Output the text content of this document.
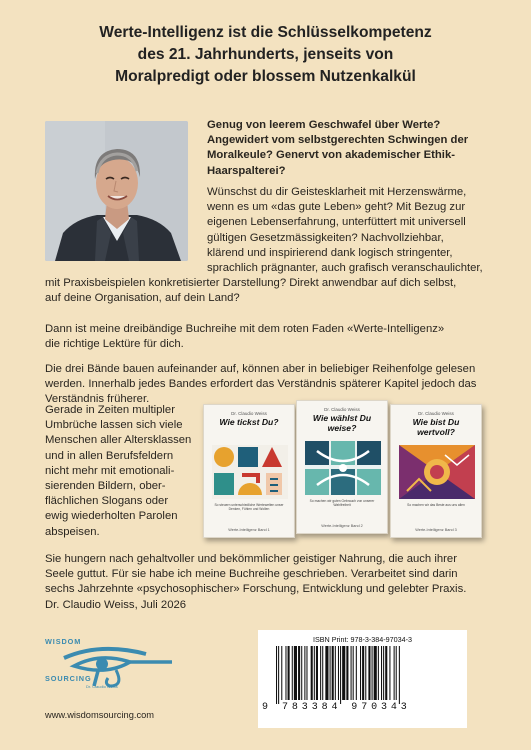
Werte-Intelligenz ist die Schlüsselkompetenz
des 21. Jahrhunderts, jenseits von
Moralpredigt oder blossem Nutzenkalkül
Genug von leerem Geschwafel über Werte?
Angewidert vom selbstgerechten Schwingen der
Moralkeule? Genervt von akademischer Ethik-
Haarspalterei?
Wünschst du dir Geistesklarheit mit Herzenswärme,
wenn es um «das gute Leben» geht? Mit Bezug zur
eigenen Lebenserfahrung, unterfüttert mit universell
gültigen Gesetzmässigkeiten? Nachvollziehbar,
klärend und inspirierend dank logisch stringenter,
sprachlich prägnanter, auch grafisch veranschaulichter,
mit Praxisbeispielen konkretisierter Darstellung? Direkt anwendbar auf dich selbst,
auf deine Organisation, auf dein Land?
Dann ist meine dreibändige Buchreihe mit dem roten Faden «Werte-Intelligenz»
die richtige Lektüre für dich.
Die drei Bände bauen aufeinander auf, können aber in beliebiger Reihenfolge gelesen
werden. Innerhalb jedes Bandes erfordert das Verständnis späterer Kapitel jedoch das
Verständnis früherer.
Gerade in Zeiten multipler
Umbrüche lassen sich viele
Menschen aller Altersklassen
und in allen Berufsfeldern
nicht mehr mit emotionali-
sierenden Bildern, ober-
flächlichen Slogans oder
ewig wiederholten Parolen
abspeisen.
Dr. Claudio Weiss
Wie tickst Du?
So steuern unterschiedliche Wertewelten unser Denken, Fühlen und Wollen
Werte-Intelligenz Band 1
Dr. Claudio Weiss
Wie wählst Du weise?
So machen wir guten Gebrauch von unserer Wahlfreiheit
Werte-Intelligenz Band 2
Dr. Claudio Weiss
Wie bist Du wertvoll?
So machen wir das Beste aus uns allen
Werte-Intelligenz Band 3
Sie hungern nach gehaltvoller und bekömmlicher geistiger Nahrung, die auch ihrer
Seele guttut. Für sie habe ich meine Buchreihe geschrieben. Verarbeitet sind darin
sechs Jahrzehnte «psychosophischer» Forschung, Entwicklung und gelebter Praxis.
Dr. Claudio Weiss, Juli 2026
WISDOM
SOURCING
Dr. Claudio Weiss
www.wisdomsourcing.com
ISBN Print: 978-3-384-97034-3
9 783384 970343
